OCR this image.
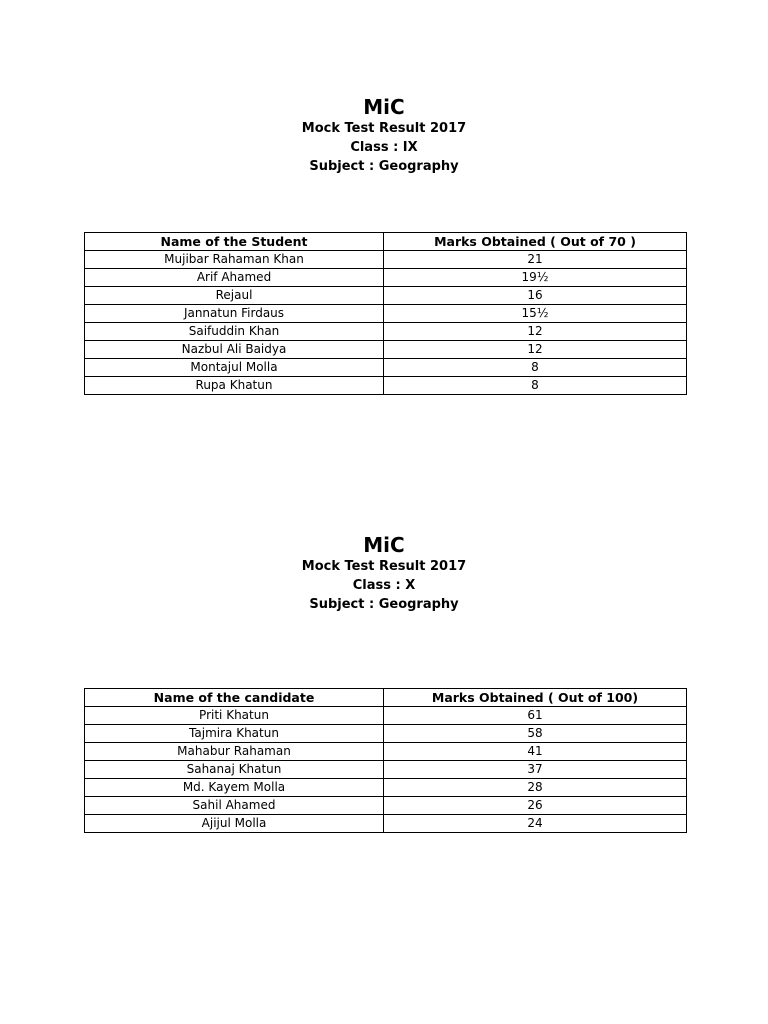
MiC
Mock Test Result 2017
Class : IX
Subject : Geography
Name of the Student	Marks Obtained ( Out of 70 )
Mujibar Rahaman Khan	21
Arif Ahamed	19½
Rejaul	16
Jannatun Firdaus	15½
Saifuddin Khan	12
Nazbul Ali Baidya	12
Montajul Molla	8
Rupa Khatun	8
MiC
Mock Test Result 2017
Class : X
Subject : Geography
Name of the candidate	Marks Obtained ( Out of 100)
Priti Khatun	61
Tajmira Khatun	58
Mahabur Rahaman	41
Sahanaj Khatun	37
Md. Kayem Molla	28
Sahil Ahamed	26
Ajijul Molla	24
